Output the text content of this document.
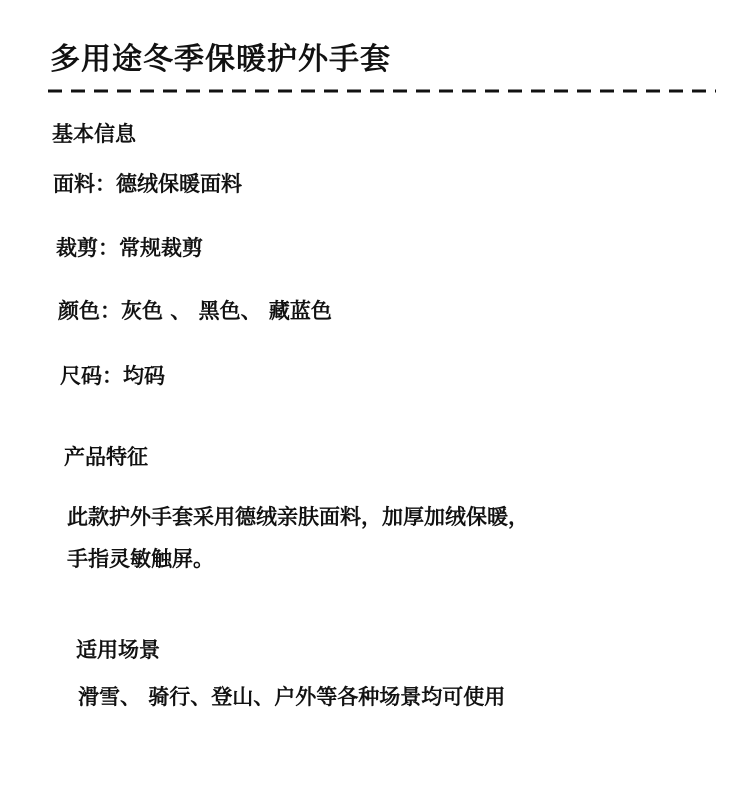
多用途冬季保暖护外手套
基本信息
面料：德绒保暖面料
裁剪：常规裁剪
颜色：灰色 、 黑色、 藏蓝色
尺码：均码
产品特征
此款护外手套采用德绒亲肤面料，加厚加绒保暖，
手指灵敏触屏。
适用场景
滑雪、 骑行、登山、户外等各种场景均可使用
